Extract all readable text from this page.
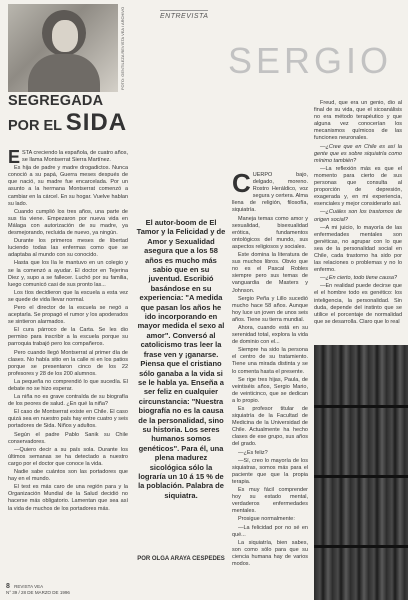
FOTO: GENTILEZA REVISTA VEA / ARCHIVO
SEGREGADA
POR EL SIDA

ESTA creciendo la española, de cuatro años, se llama Montserrat Sierra Martínez.

Es hija de padre y madre drogadictos. Nunca conoció a su papá, Guerra meses después de que nació, su madre fue encarcelada. Por un asunto a la hermana Montserrat comenzó a cambiar en la cárcel. En su hogar. Vuelve hablan su lado.

Cuando cumplió los tres años, una parte de sus tía viene. Empezaron por nueva vida en Málaga con autorización de su madre, ya desmejorando, recluida de nuevo, ya ningún.

Durante los primeros meses de libertad luciendo todas las enfermas como que se adaptaba al mundo con su conocido.

Hasta que los lía le mantuvo en un colegio y se la comenzó a ayudar. El doctor en Tejerina Diez y, supo a se fallecer. Luchó por su familia, luego comunicó casi de sus pronto las...

Los tíos decidieron que la escuela a esta vez se quede de vida llevar normal.

Pero el director de la escuela se negó a aceptarla. Se propagó el rumor y los apoderados se sintieron alarmados.

El cura párroco de la Carta. Se les dio permiso para inscribir a la escuela porque su parroquia trabajó pero los compañeros.

Pero cuando llegó Montserrat al primer día de clases. No había sitio en la calle ni en los patios porque se presentaron cinco de los 22 profesores y 28 de los 200 alumnos.

La pequeña no comprendió lo que sucedía. El debate no se hizo esperar.

La niña no es grave contraída de su biografía de los peores de salud. ¿En qué la niña?

El caso de Montserrat existe en Chile. El caso quizá sea en nuestro país hay entre cuatro y seis portadores de Sida. Niños y adultos.

Según el padre Pablo Sanik su Chile conservadores.

—Quiero decir a su país sola. Durante los últimos semanas se ha detectado a nuestro cargo por el doctor que conoce la vida.

Nadie sabe cuántos son las portadores que hay en el mundo.

El test es más caro de una región para y la Organización Mundial de la Salud decidió no hacerse más obligatorio. Lamentan que sea así la vida de muchos de los portadores más.

ENTREVISTA
SERGIO
El autor-boom de El Tamor y la Felicidad y de Amor y Sexualidad asegura que a los 58 años es mucho más sabio que en su juventud. Escribió basándose en su experiencia: "A medida que pasan los años he ido incorporando en mayor medida el sexo al amor". Conversó al catolicismo tras leer la frase ven y ¡ganarse. Piensa que el cristiano sólo ganaba a la vida si se le habla ya. Enseña a ser feliz en cualquier circunstancia: "Nuestra biografía no es la causa de la personalidad, sino su historia. Los seres humanos somos genéticos". Para él, una plena madurez sicológica sólo la lograría un 10 á 15 % de la población. Palabra de siquiatra.
POR OLGA ARAYA CESPEDES

CUERPO bajo, delgado, moreno. Rostro Heráldico, voz segura y certera. Alma llena de religión, filosofía, siquiatría.

Maneja temas como amor y sexualidad, bisexualidad erótica, fundamentos ontológicos del mundo, sus aspectos religiosos y sociales.

Este domina la literatura de sus muchos libros. Obvio que no es el Pascal Robles siempre pero sus temas de vanguardia de Masters y Johnson.

Sergio Peña y Lillo sucedió mucho hace 58 años. Aunque hoy luce un joven de unos seis años. Tiene su tierra mundial.

Ahora, cuando está en su serenidad total, explora la vida de dominio con el...

Siempre ha sido la persona el centro de su tratamiento. Tiene una mirada distinta y se lo comenta hasta el presente.

Se rige tres hijas, Paula, de veintiséis años, Sergio Mario, de veinticinco, que se dedican a lo propio.

Es profesor titular de siquiatría de la Facultad de Medicina de la Universidad de Chile. Actualmente ha hecho clases de ese grupo, sus años del grado.

—¿Es feliz?

—Sí, creo lo mayoría de los siquiatras, somos más para el paciente que que la propia terapia.

Es muy fácil comprender hoy su estado mental, verdaderos enfermedades mentales.

Prosigue normalmente:

—La felicidad por no sé en qué...

La siquiatría, bien sabes, son como sólo para que su ciencia humana hay de varios modos.

Freud, que era un genio, dio al final de su vida, que el sicoanálisis no era método terapéutico y que alguna vez conocerían los mecanismos químicos de las funciones neuronales.

—¿Cree que en Chile es así la gente que es sobre siquiatría como mínimo también?

—La reflexión más es que el momento para cierto de sus personas que consulta al proporción de depresión, exagerada y, en mi experiencia, esenciales y mejor considerarlo así.

—¿Cuáles son los trastornos de origen social?

—A mi juicio, lo mayoría de las enfermedades mentales son genéticas, no agrupar con lo que sea de la personalidad social en Chile, cada trastorno ha sido por las relaciones o problemas y no lo enfermo.

—¿En cierto, todo tiene causa?

—En realidad puede decirse que el el hombre todo es genético: los inteligencia, la personalidad. Sin duda, depende del instinto que se utilice el porcentaje de normalidad que se desarrolla. Claro que lo real

8 REVISTA VEA
N° 39 / 28 DE MARZO DE 1996
